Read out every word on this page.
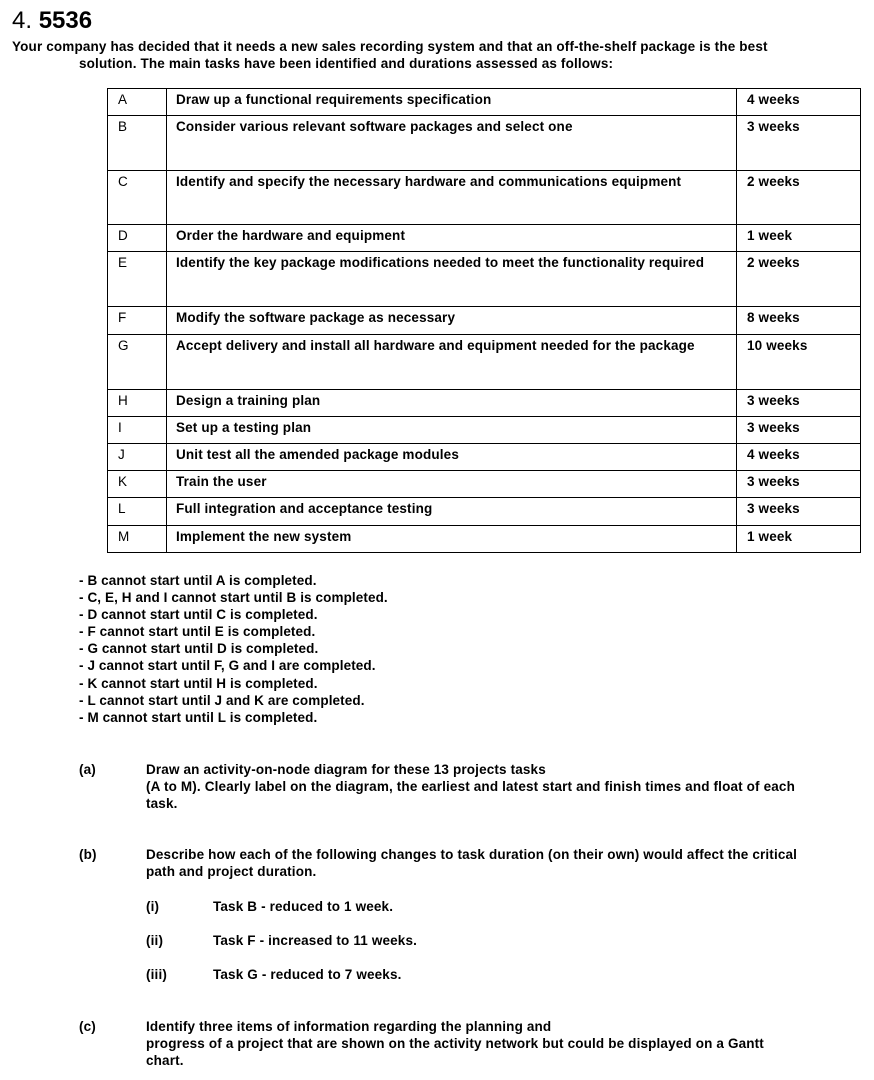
4. 5536
Your company has decided that it needs a new sales recording system and that an off-the-shelf package is the best
solution. The main tasks have been identified and durations assessed as follows:
A	Draw up a functional requirements specification	4 weeks
B	Consider various relevant software packages and select one	3 weeks
C	Identify and specify the necessary hardware and communications equipment	2 weeks
D	Order the hardware and equipment	1 week
E	Identify the key package modifications needed to meet the functionality required	2 weeks
F	Modify the software package as necessary	8 weeks
G	Accept delivery and install all hardware and equipment needed for the package	10 weeks
H	Design a training plan	3 weeks
I	Set up a testing plan	3 weeks
J	Unit test all the amended package modules	4 weeks
K	Train the user	3 weeks
L	Full integration and acceptance testing	3 weeks
M	Implement the new system	1 week
- B cannot start until A is completed.
- C, E, H and I cannot start until B is completed.
- D cannot start until C is completed.
- F cannot start until E is completed.
- G cannot start until D is completed.
- J cannot start until F, G and I are completed.
- K cannot start until H is completed.
- L cannot start until J and K are completed.
- M cannot start until L is completed.
(a)	Draw an activity-on-node diagram for these 13 projects tasks
(A to M). Clearly label on the diagram, the earliest and latest start and finish times and float of each
task.
(b)	Describe how each of the following changes to task duration (on their own) would affect the critical
path and project duration.
(i)	Task B - reduced to 1 week.
(ii)	Task F - increased to 11 weeks.
(iii)	Task G - reduced to 7 weeks.
(c)	Identify three items of information regarding the planning and
progress of a project that are shown on the activity network but could be displayed on a Gantt
chart.
